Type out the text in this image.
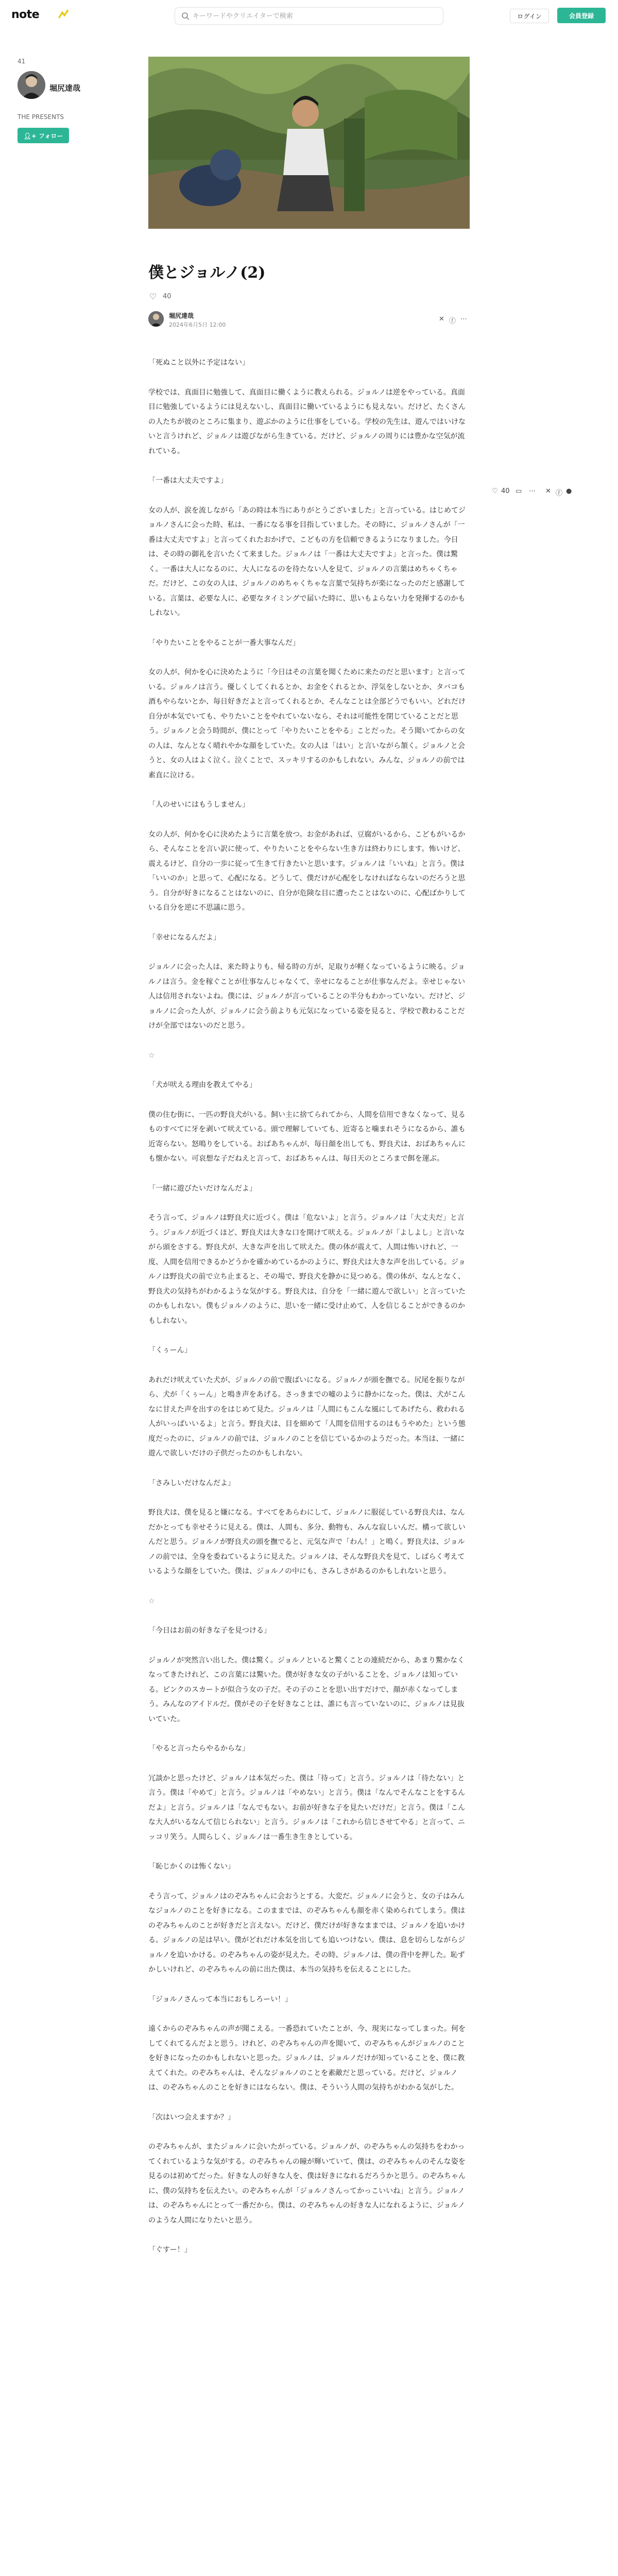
note
キーワードやクリエイターで検索	ログイン	会員登録
41
堀尻達哉
THE PRESENTS
👤︎+ フォロー
♡ 40 ▭ ⋯ ✕ ⓕ ●
僕とジョルノ(2)
♡ 40
堀尻達哉
2024年6月5日 12:00
✕ ⓕ ⋯

「死ぬこと以外に予定はない」

学校では、真面目に勉強して、真面目に働くように教えられる。ジョルノは逆をやっている。真面目に勉強しているようには見えないし、真面目に働いているようにも見えない。だけど、たくさんの人たちが彼のところに集まり、遊ぶかのように仕事をしている。学校の先生は、遊んではいけないと言うけれど、ジョルノは遊びながら生きている。だけど、ジョルノの周りには豊かな空気が流れている。

「一番は大丈夫ですよ」

女の人が、涙を流しながら「あの時は本当にありがとうございました」と言っている。はじめてジョルノさんに会った時、私は、一番になる事を目指していました。その時に、ジョルノさんが「一番は大丈夫ですよ」と言ってくれたおかげで、こどもの方を信頼できるようになりました。今日は、その時の御礼を言いたくて来ました。ジョルノは「一番は大丈夫ですよ」と言った。僕は驚く。一番は大人になるのに、大人になるのを待たない人を見て、ジョルノの言葉はめちゃくちゃだ。だけど、この女の人は、ジョルノのめちゃくちゃな言葉で気持ちが楽になったのだと感謝している。言葉は、必要な人に、必要なタイミングで届いた時に、思いもよらない力を発揮するのかもしれない。

「やりたいことをやることが一番大事なんだ」

女の人が、何かを心に決めたように「今日はその言葉を聞くために来たのだと思います」と言っている。ジョルノは言う。優しくしてくれるとか、お金をくれるとか、浮気をしないとか、タバコも酒もやらないとか、毎日好きだよと言ってくれるとか、そんなことは全部どうでもいい。どれだけ自分が本気でいても、やりたいことをやれていないなら、それは可能性を閉じていることだと思う。ジョルノと会う時間が、僕にとって「やりたいことをやる」ことだった。そう聞いてからの女の人は、なんとなく晴れやかな顔をしていた。女の人は「はい」と言いながら頷く。ジョルノと会うと、女の人はよく泣く。泣くことで、スッキリするのかもしれない。みんな、ジョルノの前では素直に泣ける。

「人のせいにはもうしません」

女の人が、何かを心に決めたように言葉を放つ。お金があれば、豆腐がいるから、こどもがいるから、そんなことを言い訳に使って、やりたいことをやらない生き方は終わりにします。怖いけど、震えるけど、自分の一歩に従って生きて行きたいと思います。ジョルノは「いいね」と言う。僕は「いいのか」と思って、心配になる。どうして、僕だけが心配をしなければならないのだろうと思う。自分が好きになることはないのに、自分が危険な目に遭ったことはないのに、心配ばかりしている自分を逆に不思議に思う。

「幸せになるんだよ」

ジョルノに会った人は、来た時よりも、帰る時の方が、足取りが軽くなっているように映る。ジョルノは言う。金を稼ぐことが仕事なんじゃなくて、幸せになることが仕事なんだよ。幸せじゃない人は信用されないよね。僕には、ジョルノが言っていることの半分もわかっていない。だけど、ジョルノに会った人が、ジョルノに会う前よりも元気になっている姿を見ると、学校で教わることだけが全部ではないのだと思う。

☆

「犬が吠える理由を教えてやる」

僕の住む街に、一匹の野良犬がいる。飼い主に捨てられてから、人間を信用できなくなって、見るものすべてに牙を剥いて吠えている。頭で理解していても、近寄ると噛まれそうになるから、誰も近寄らない。怒鳴りをしている。おばあちゃんが、毎日顔を出しても、野良犬は、おばあちゃんにも懐かない。可哀想な子だねえと言って、おばあちゃんは、毎日天のところまで餌を運ぶ。

「一緒に遊びたいだけなんだよ」

そう言って、ジョルノは野良犬に近づく。僕は「危ないよ」と言う。ジョルノは「大丈夫だ」と言う。ジョルノが近づくほど、野良犬は大きな口を開けて吠える。ジョルノが「よしよし」と言いながら頭をさする。野良犬が、大きな声を出して吠えた。僕の体が震えて、人間は怖いけれど、一度、人間を信用できるかどうかを確かめているかのように、野良犬は大きな声を出している。ジョルノは野良犬の前で立ち止まると、その場で、野良犬を静かに見つめる。僕の体が、なんとなく、野良犬の気持ちがわかるような気がする。野良犬は、自分を「一緒に遊んで欲しい」と言っていたのかもしれない。僕もジョルノのように、思いを一緒に受け止めて、人を信じることができるのかもしれない。

「くぅーん」

あれだけ吠えていた犬が、ジョルノの前で腹ばいになる。ジョルノが頭を撫でる。尻尾を振りながら、犬が「くぅーん」と鳴き声をあげる。さっきまでの嘘のように静かになった。僕は、犬がこんなに甘えた声を出すのをはじめて見た。ジョルノは「人間にもこんな風にしてあげたら、救われる人がいっぱいいるよ」と言う。野良犬は、目を細めて「人間を信用するのはもうやめた」という態度だったのに、ジョルノの前では、ジョルノのことを信じているかのようだった。本当は、一緒に遊んで欲しいだけの子供だったのかもしれない。

「さみしいだけなんだよ」

野良犬は、僕を見ると嫌になる。すべてをあらわにして、ジョルノに服従している野良犬は、なんだかとっても幸せそうに見える。僕は、人間も、多分、動物も、みんな寂しいんだ。構って欲しいんだと思う。ジョルノが野良犬の頭を撫でると、元気な声で「わん！」と鳴く。野良犬は、ジョルノの前では、全身を委ねているように見えた。ジョルノは、そんな野良犬を見て、しばらく考えているような顔をしていた。僕は、ジョルノの中にも、さみしさがあるのかもしれないと思う。

☆

「今日はお前の好きな子を見つける」

ジョルノが突然言い出した。僕は驚く。ジョルノといると驚くことの連続だから、あまり驚かなくなってきたけれど、この言葉には驚いた。僕が好きな女の子がいることを、ジョルノは知っている。ピンクのスカートが似合う女の子だ。その子のことを思い出すだけで、顔が赤くなってしまう。みんなのアイドルだ。僕がその子を好きなことは、誰にも言っていないのに、ジョルノは見抜いていた。

「やると言ったらやるからな」

冗談かと思ったけど、ジョルノは本気だった。僕は「待って」と言う。ジョルノは「待たない」と言う。僕は「やめて」と言う。ジョルノは「やめない」と言う。僕は「なんでそんなことをするんだよ」と言う。ジョルノは「なんでもない。お前が好きな子を見たいだけだ」と言う。僕は「こんな大人がいるなんて信じられない」と言う。ジョルノは「これから信じさせてやる」と言って、ニッコリ笑う。人間らしく、ジョルノは一番生き生きとしている。

「恥じかくのは怖くない」

そう言って、ジョルノはのぞみちゃんに会おうとする。大変だ。ジョルノに会うと、女の子はみんなジョルノのことを好きになる。このままでは、のぞみちゃんも顔を赤く染められてしまう。僕はのぞみちゃんのことが好きだと言えない。だけど、僕だけが好きなままでは、ジョルノを追いかける。ジョルノの足は早い。僕がどれだけ本気を出しても追いつけない。僕は、息を切らしながらジョルノを追いかける。のぞみちゃんの姿が見えた。その時、ジョルノは、僕の背中を押した。恥ずかしいけれど、のぞみちゃんの前に出た僕は、本当の気持ちを伝えることにした。

「ジョルノさんって本当におもしろーい！」

遠くからのぞみちゃんの声が聞こえる。一番恐れていたことが、今、現実になってしまった。何をしてくれてるんだよと思う。けれど、のぞみちゃんの声を聞いて、のぞみちゃんがジョルノのことを好きになったのかもしれないと思った。ジョルノは、ジョルノだけが知っていることを、僕に教えてくれた。のぞみちゃんは、そんなジョルノのことを素敵だと思っている。だけど、ジョルノは、のぞみちゃんのことを好きにはならない。僕は、そういう人間の気持ちがわかる気がした。

「次はいつ会えますか？」

のぞみちゃんが、またジョルノに会いたがっている。ジョルノが、のぞみちゃんの気持ちをわかってくれているような気がする。のぞみちゃんの瞳が輝いていて、僕は、のぞみちゃんのそんな姿を見るのは初めてだった。好きな人の好きな人を、僕は好きになれるだろうかと思う。のぞみちゃんに、僕の気持ちを伝えたい。のぞみちゃんが「ジョルノさんってかっこいいね」と言う。ジョルノは、のぞみちゃんにとって一番だから。僕は、のぞみちゃんの好きな人になれるように、ジョルノのような人間になりたいと思う。

「ぐすー！」
